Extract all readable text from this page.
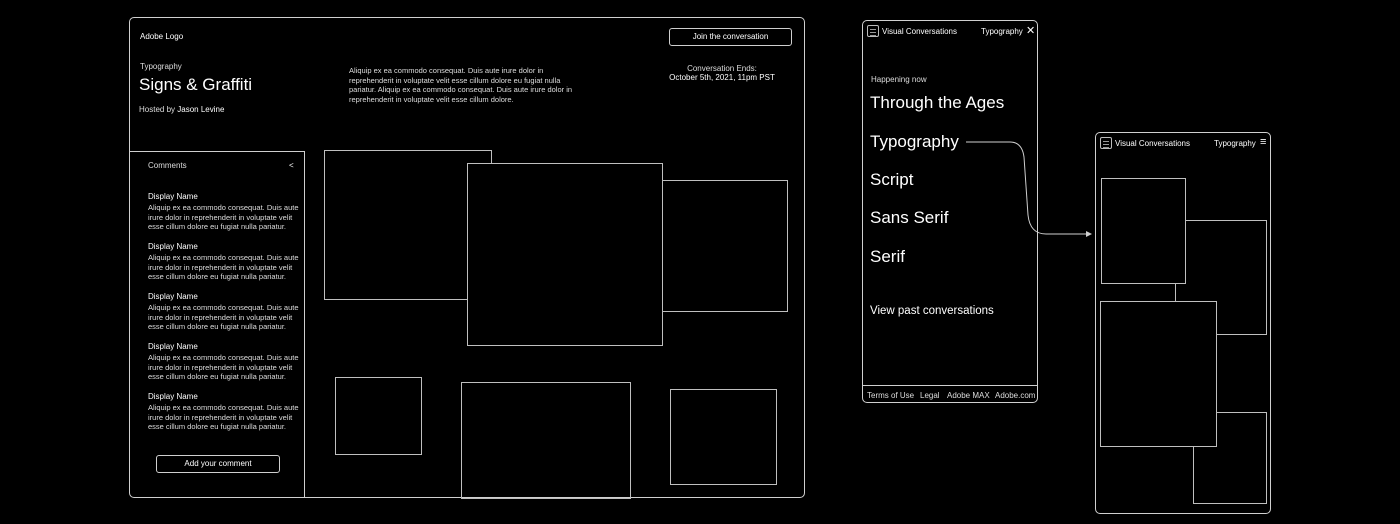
Adobe Logo	Join the conversation
Typography
Signs & Graffiti
Hosted by Jason Levine
Aliquip ex ea commodo consequat. Duis aute irure dolor in reprehenderit in voluptate velit esse cillum dolore eu fugiat nulla pariatur. Aliquip ex ea commodo consequat. Duis aute irure dolor in reprehenderit in voluptate velit esse cillum dolore.
Conversation Ends:
October 5th, 2021, 11pm PST
Comments	<
Display Name
Aliquip ex ea commodo consequat. Duis aute irure dolor in reprehenderit in voluptate velit esse cillum dolore eu fugiat nulla pariatur.
Display Name
Aliquip ex ea commodo consequat. Duis aute irure dolor in reprehenderit in voluptate velit esse cillum dolore eu fugiat nulla pariatur.
Display Name
Aliquip ex ea commodo consequat. Duis aute irure dolor in reprehenderit in voluptate velit esse cillum dolore eu fugiat nulla pariatur.
Display Name
Aliquip ex ea commodo consequat. Duis aute irure dolor in reprehenderit in voluptate velit esse cillum dolore eu fugiat nulla pariatur.
Display Name
Aliquip ex ea commodo consequat. Duis aute irure dolor in reprehenderit in voluptate velit esse cillum dolore eu fugiat nulla pariatur.
Add your comment
Visual Conversations	Typography ✕
Happening now
Through the Ages
Typography
Script
Sans Serif
Serif
View past conversations
Terms of Use Legal Adobe MAX Adobe.com
Visual Conversations	Typography ≡
